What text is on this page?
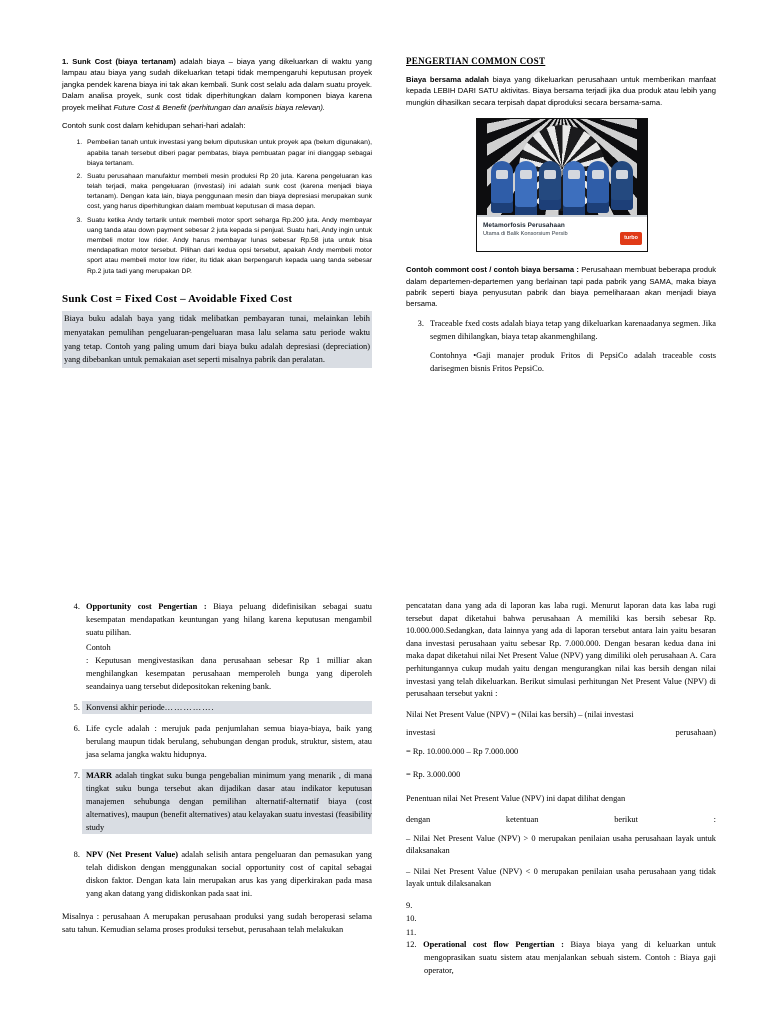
1. Sunk Cost (biaya tertanam) adalah biaya – biaya yang dikeluarkan di waktu yang lampau atau biaya yang sudah dikeluarkan tetapi tidak mempengaruhi keputusan proyek jangka pendek karena biaya ini tak akan kembali. Sunk cost selalu ada dalam suatu proyek. Dalam analisa proyek, sunk cost tidak diperhitungkan dalam komponen biaya karena proyek melihat Future Cost & Benefit (perhitungan dan analisis biaya relevan).

Contoh sunk cost dalam kehidupan sehari-hari adalah:

1. Pembelian tanah untuk investasi yang belum diputuskan untuk proyek apa (belum digunakan), apabila tanah tersebut diberi pagar pembatas, biaya pembuatan pagar ini dianggap sebagai biaya tertanam.
2. Suatu perusahaan manufaktur membeli mesin produksi Rp 20 juta. Karena pengeluaran kas telah terjadi, maka pengeluaran (investasi) ini adalah sunk cost (karena menjadi biaya tertanam). Dengan kata lain, biaya penggunaan mesin dan biaya depresiasi merupakan sunk cost, yang harus diperhitungkan dalam membuat keputusan di masa depan.
3. Suatu ketika Andy tertarik untuk membeli motor sport seharga Rp.200 juta. Andy membayar uang tanda atau down payment sebesar 2 juta kepada si penjual. Suatu hari, Andy ingin untuk membeli motor low rider. Andy harus membayar lunas sebesar Rp.58 juta untuk bisa mendapatkan motor tersebut. Pilihan dari kedua opsi tersebut, apakah Andy membeli motor sport atau membeli motor low rider, itu tidak akan berpengaruh kepada uang tanda sebesar Rp.2 juta tadi yang merupakan DP.
Sunk Cost = Fixed Cost – Avoidable Fixed Cost
Biaya buku adalah baya yang tidak melibatkan pembayaran tunai, melainkan lebih menyatakan pemulihan pengeluaran-pengeluaran masa lalu selama satu periode waktu yang tetap. Contoh yang paling umum dari biaya buku adalah depresiasi (depreciation) yang dibebankan untuk pemakaian aset seperti misalnya pabrik dan peralatan.
PENGERTIAN COMMON COST

Biaya bersama adalah biaya yang dikeluarkan perusahaan untuk memberikan manfaat kepada LEBIH DARI SATU aktivitas. Biaya bersama terjadi jika dua produk atau lebih yang mungkin dihasilkan secara terpisah dapat diproduksi secara bersama-sama.

Metamorfosis Perusahaan
Utama di Balik Konsorsium Persib
turbo

Contoh commont cost / contoh biaya bersama : Perusahaan membuat beberapa produk dalam departemen-departemen yang berlainan tapi pada pabrik yang SAMA, maka biaya pabrik seperti biaya penyusutan pabrik dan biaya pemeliharaan akan menjadi biaya bersama.

3. Traceable fxed costs adalah biaya tetap yang dikeluarkan karenaadanya segmen. Jika segmen dihilangkan, biaya tetap akanmenghilang.
Contohnya •Gaji manajer produk Fritos di PepsiCo adalah traceable costs darisegmen bisnis Fritos PepsiCo.
4. Opportunity cost Pengertian : Biaya peluang didefinisikan sebagai suatu kesempatan mendapatkan keuntungan yang hilang karena keputusan mengambil suatu pilihan.
Contoh
: Keputusan mengivestasikan dana perusahaan sebesar Rp 1 milliar akan menghilangkan kesempatan perusahaan memperoleh bunga yang diperoleh seandainya uang tersebut didepositokan rekening bank.
5. Konvensi akhir periode…………….
6. Life cycle adalah : merujuk pada penjumlahan semua biaya-biaya, baik yang berulang maupun tidak berulang, sehubungan dengan produk, struktur, sistem, atau jasa selama jangka waktu hidupnya.
7. MARR adalah tingkat suku bunga pengebalian minimum yang menarik , di mana tingkat suku bunga tersebut akan dijadikan dasar atau indikator keputusan manajemen sehubunga dengan pemilihan alternatif-alternatif biaya (cost alternatives), maupun (benefit alternatives) atau kelayakan suatu investasi (feasibility study
8. NPV (Net Present Value) adalah selisih antara pengeluaran dan pemasukan yang telah didiskon dengan menggunakan social opportunity cost of capital sebagai diskon faktor. Dengan kata lain merupakan arus kas yang diperkirakan pada masa yang akan datang yang didiskonkan pada saat ini.

Misalnya : perusahaan A merupakan perusahaan produksi yang sudah beroperasi selama satu tahun. Kemudian selama proses produksi tersebut, perusahaan telah melakukan

pencatatan dana yang ada di laporan kas laba rugi. Menurut laporan data kas laba rugi tersebut dapat diketahui bahwa perusahaan A memiliki kas bersih sebesar Rp. 10.000.000.Sedangkan, data lainnya yang ada di laporan tersebut antara lain yaitu besaran dana investasi perusahaan yaitu sebesar Rp. 7.000.000. Dengan besaran kedua dana ini maka dapat diketahui nilai Net Present Value (NPV) yang dimiliki oleh perusahaan A. Cara perhitungannya cukup mudah yaitu dengan mengurangkan nilai kas bersih dengan nilai investasi yang telah dikeluarkan. Berikut simulasi perhitungan Net Present Value (NPV) di perusahaan tersebut yakni :

Nilai Net Present Value (NPV) = (Nilai kas bersih) – (nilai investasi
investasi	perusahaan)

= Rp. 10.000.000 – Rp 7.000.000

= Rp. 3.000.000

Penentuan nilai Net Present Value (NPV) ini dapat dilihat dengan

dengan	ketentuan	berikut	:

– Nilai Net Present Value (NPV) > 0 merupakan penilaian usaha perusahaan layak untuk dilaksanakan

– Nilai Net Present Value (NPV) < 0 merupakan penilaian usaha perusahaan yang tidak layak untuk dilaksanakan

9.

10.

11.

12. Operational cost flow Pengertian : Biaya biaya yang di keluarkan untuk mengoprasikan suatu sistem atau menjalankan sebuah sistem. Contoh : Biaya gaji operator,
